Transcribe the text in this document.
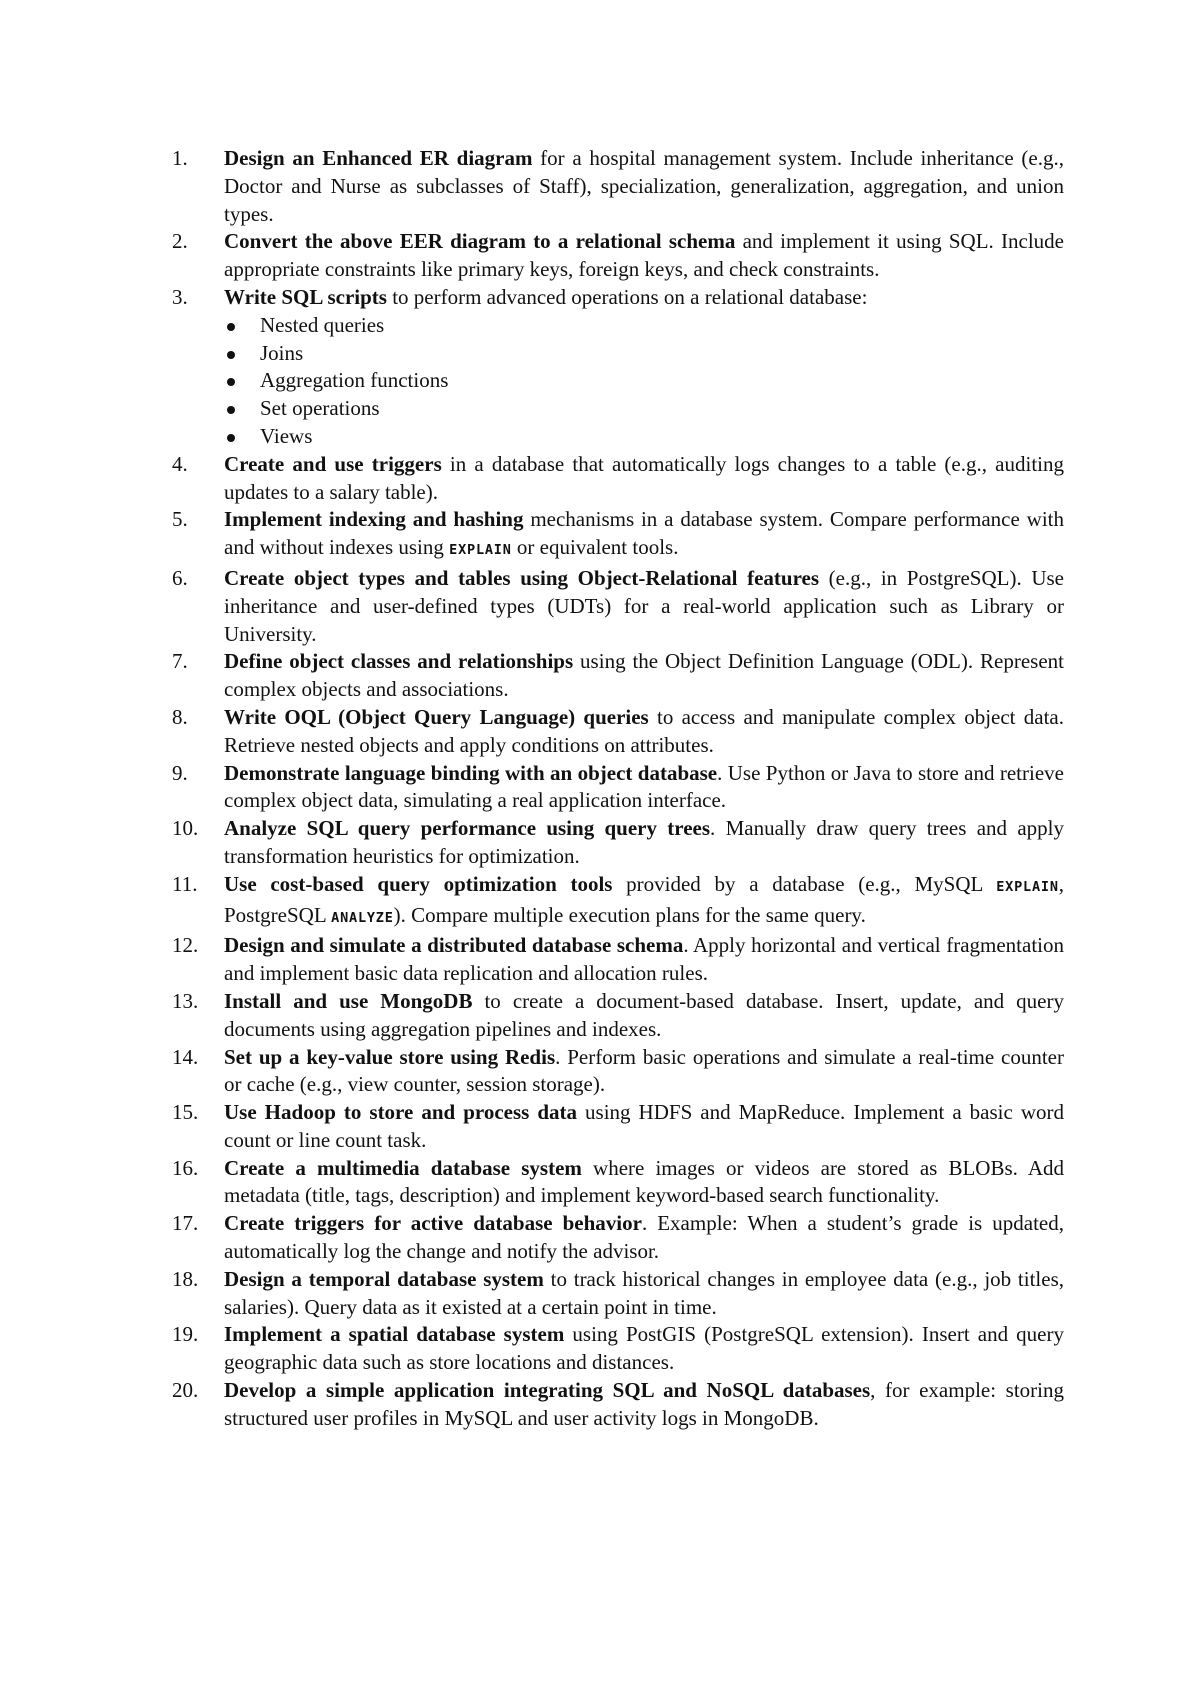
1. Design an Enhanced ER diagram for a hospital management system. Include inheritance (e.g., Doctor and Nurse as subclasses of Staff), specialization, generalization, aggregation, and union types.
2. Convert the above EER diagram to a relational schema and implement it using SQL. Include appropriate constraints like primary keys, foreign keys, and check constraints.
3. Write SQL scripts to perform advanced operations on a relational database:
Nested queries
Joins
Aggregation functions
Set operations
Views
4. Create and use triggers in a database that automatically logs changes to a table (e.g., auditing updates to a salary table).
5. Implement indexing and hashing mechanisms in a database system. Compare performance with and without indexes using EXPLAIN or equivalent tools.
6. Create object types and tables using Object-Relational features (e.g., in PostgreSQL). Use inheritance and user-defined types (UDTs) for a real-world application such as Library or University.
7. Define object classes and relationships using the Object Definition Language (ODL). Represent complex objects and associations.
8. Write OQL (Object Query Language) queries to access and manipulate complex object data. Retrieve nested objects and apply conditions on attributes.
9. Demonstrate language binding with an object database. Use Python or Java to store and retrieve complex object data, simulating a real application interface.
10. Analyze SQL query performance using query trees. Manually draw query trees and apply transformation heuristics for optimization.
11. Use cost-based query optimization tools provided by a database (e.g., MySQL EXPLAIN, PostgreSQL ANALYZE). Compare multiple execution plans for the same query.
12. Design and simulate a distributed database schema. Apply horizontal and vertical fragmentation and implement basic data replication and allocation rules.
13. Install and use MongoDB to create a document-based database. Insert, update, and query documents using aggregation pipelines and indexes.
14. Set up a key-value store using Redis. Perform basic operations and simulate a real-time counter or cache (e.g., view counter, session storage).
15. Use Hadoop to store and process data using HDFS and MapReduce. Implement a basic word count or line count task.
16. Create a multimedia database system where images or videos are stored as BLOBs. Add metadata (title, tags, description) and implement keyword-based search functionality.
17. Create triggers for active database behavior. Example: When a student’s grade is updated, automatically log the change and notify the advisor.
18. Design a temporal database system to track historical changes in employee data (e.g., job titles, salaries). Query data as it existed at a certain point in time.
19. Implement a spatial database system using PostGIS (PostgreSQL extension). Insert and query geographic data such as store locations and distances.
20. Develop a simple application integrating SQL and NoSQL databases, for example: storing structured user profiles in MySQL and user activity logs in MongoDB.
